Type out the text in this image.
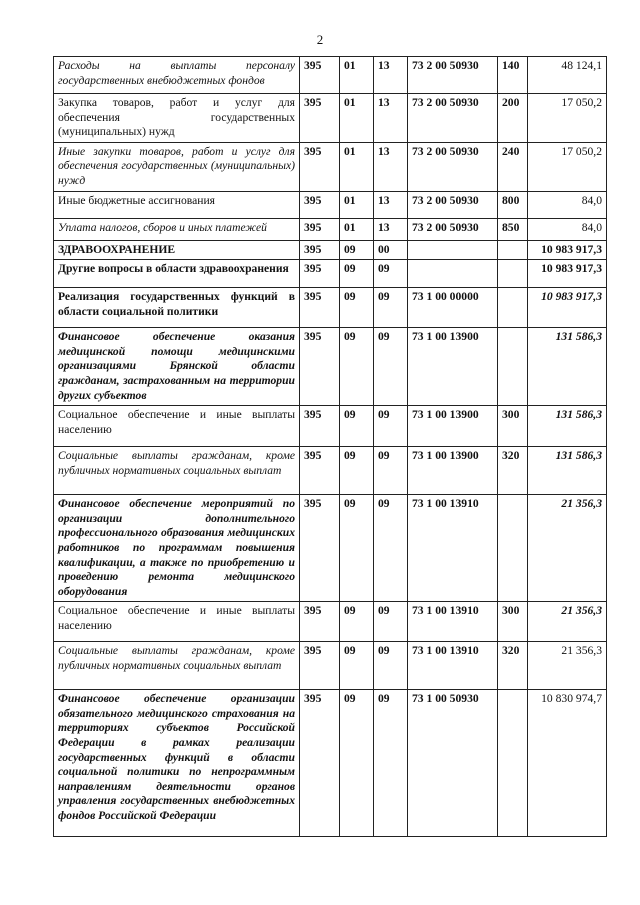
2
Расходы на выплаты персоналу государственных внебюджетных фондов	395	01	13	73 2 00 50930	140	48 124,1
Закупка товаров, работ и услуг для обеспечения государственных (муниципальных) нужд	395	01	13	73 2 00 50930	200	17 050,2
Иные закупки товаров, работ и услуг для обеспечения государственных (муниципальных) нужд	395	01	13	73 2 00 50930	240	17 050,2
Иные бюджетные ассигнования	395	01	13	73 2 00 50930	800	84,0
Уплата налогов, сборов и иных платежей	395	01	13	73 2 00 50930	850	84,0
ЗДРАВООХРАНЕНИЕ	395	09	00			10 983 917,3
Другие вопросы в области здравоохранения	395	09	09			10 983 917,3
Реализация государственных функций в области социальной политики	395	09	09	73 1 00 00000		10 983 917,3
Финансовое обеспечение оказания медицинской помощи медицинскими организациями Брянской области гражданам, застрахованным на территории других субъектов	395	09	09	73 1 00 13900		131 586,3
Социальное обеспечение и иные выплаты населению	395	09	09	73 1 00 13900	300	131 586,3
Социальные выплаты гражданам, кроме публичных нормативных социальных выплат	395	09	09	73 1 00 13900	320	131 586,3
Финансовое обеспечение мероприятий по организации дополнительного профессионального образования медицинских работников по программам повышения квалификации, а также по приобретению и проведению ремонта медицинского оборудования	395	09	09	73 1 00 13910		21 356,3
Социальное обеспечение и иные выплаты населению	395	09	09	73 1 00 13910	300	21 356,3
Социальные выплаты гражданам, кроме публичных нормативных социальных выплат	395	09	09	73 1 00 13910	320	21 356,3
Финансовое обеспечение организации обязательного медицинского страхования на территориях субъектов Российской Федерации в рамках реализации государственных функций в области социальной политики по непрограммным направлениям деятельности органов управления государственных внебюджетных фондов Российской Федерации	395	09	09	73 1 00 50930		10 830 974,7
